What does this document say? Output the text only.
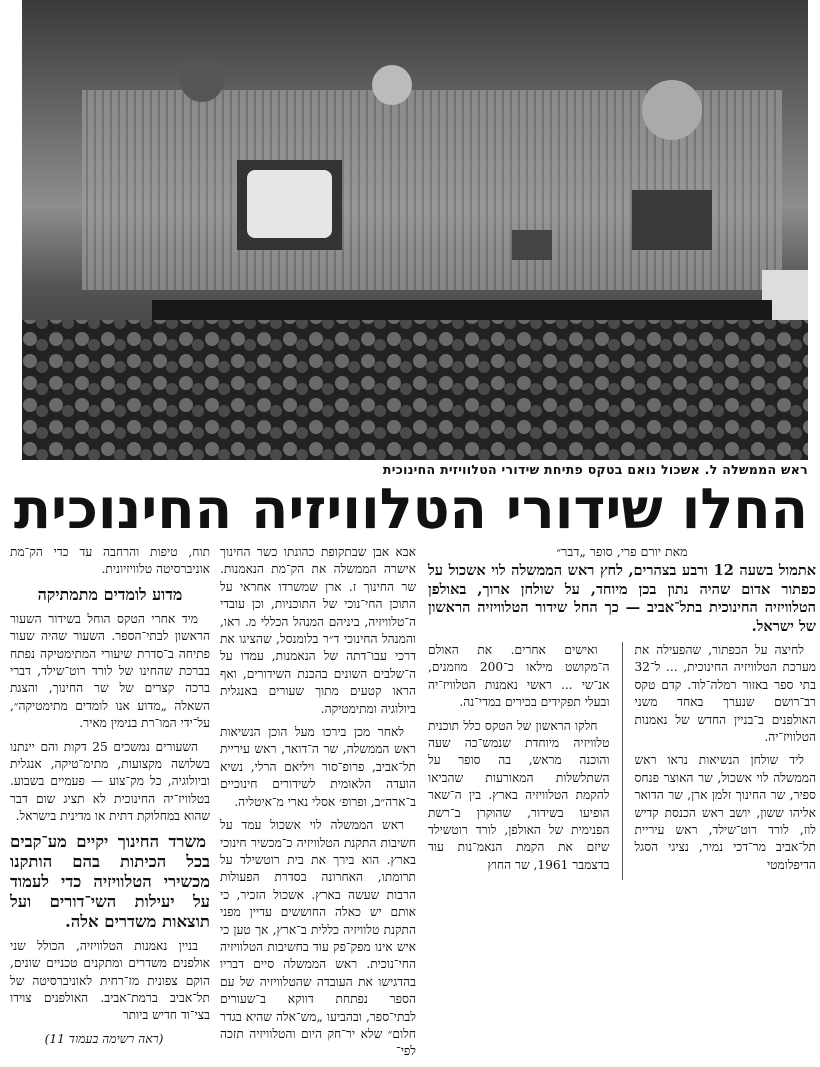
ראש הממשלה ל. אשכול נואם בטקס פתיחת שידורי הטלוויזית החינוכית
החלו שידורי הטלוויזיה החינוכית
מאת יורם פרי, סופר „דבר״
אתמול בשעה 12 ורבע בצהרים, לחץ ראש הממשלה לוי אשכול על כפתור אדום שהיה נתון בכן מיוחד, על שולחן ארוך, באולפן הטלוויזיה החינוכית בתל־אביב — כך החל שידור הטלוויזיה הראשון של ישראל.

לחיצה על הכפתור, שהפעילה את מערכת הטלוויזיה החינוכית, ... ל־32 בתי ספר באזור רמלה־לוד. קדם טקס רב־רושם שנערך באחד משני האולפנים ב־בניין החדש של נאמנות הטלוויז־יה.

ליד שולחן הנשיאות נראו ראש הממשלה לוי אשכול, שר האוצר פנחס ספיר, שר החינוך זלמן ארן, שר הדואר אליהו ששון, יושב ראש הכנסת קדיש לוז, לורד רוט־שילד, ראש עיריית תל־אביב מר־דכי נמיר, נציגי הסגל הדיפלומטי

ואישים אחרים. את האולם ה־מקושט מילאו כ־200 מוזמנים, אנ־שי ... ראשי נאמנות הטלוויז־יה ובעלי תפקידים בכירים במדי־נה.

חלקו הראשון של הטקס כלל תוכנית טלוויזיה מיוחדת שנמש־כה שעה והוכנה מראש, בה סופר על השתלשלות המאורעות שהביאו להקמת הטלוויזיה בארץ. בין ה־שאר הופיעו בשידור, שהוקרן ב־רשת הפנימית של האולפן, לורד רוטשילד שיזם את הקמת הנאמ־נות עוד בדצמבר 1961, שר החוץ

אבא אבן שבתקופת כהונתו כשר החינוך אישרה הממשלה את הק־מת הנאמנות. שר החינוך ז. ארן שמשרדו אחראי על התוכן החי־נוכי של התוכניות, וכן עובדי ה־טלוויזיה, ביניהם המנהל הכללי מ. ראו, והמנהל החינוכי ד״ר בלומנסל, שהציגו את דרכי עבו־דתה של הנאמנות, עמדו על ה־שלבים השונים בהכנת השידורים, ואף הראו קטעים מתוך שעורים באנגלית ביולוגיה ומתימטיקה.

לאחר מכן בירכו מעל הוכן הנשיאות ראש הממשלה, שר ה־דואר, ראש עיריית תל־אביב, פרופ־סור ויליאם הרלי, נשיא הועדה הלאומית לשידורים חינוכיים ב־ארה״ב, ופרופ׳ אסלי נארי מ־איטליה.

ראש הממשלה לוי אשכול עמד על חשיבות התקנת הטלוויזיה כ־מכשיר חינוכי בארץ. הוא בירך את בית רוטשילד על תרומתו, האחרונה בסדרת הפעולות הרבות שעשה בארץ. אשכול הזכיר, כי אותם יש כאלה החוששים עדיין מפני התקנת טלוויזיה כללית ב־ארץ, אך טען כי איש אינו מפק־פק עוד בחשיבות הטלוויזיה החי־נוכית. ראש הממשלה סיים דבריו בהדגישו את העובדה שהטלוויזיה של עם הספר נפתחת דווקא ב־שעורים לבתי־ספר, ובהביעו „מש־אלה שהיא בגדר חלום״ שלא יר־חק היום והטלוויזיה תזכה לפי־

תוח, טיפות והרחבה עד כדי הק־מת אוניברסיטה טלוויזיונית.

מדוע לומדים מתמתיקה

מיד אחרי הטקס הוחל בשידור השעור הראשון לבתי־הספר. השעור שהיה שעור פתיחה ב־סדרת שיעורי המתימטיקה נפתח בברכת שהחינו של לורד רוט־שילד, דברי ברכה קצרים של שר החינוך, והצגת השאלה „מדוע אנו לומדים מתימטיקה״, על־ידי המו־רת בנימין מאיר.

השעורים נמשכים 25 דקות והם יינתנו בשלושה מקצועות, מתימ־טיקה, אנגלית וביולוגיה, כל מק־צוע — פעמיים בשבוע. בטלוויז־יה החינוכית לא תציג שום דבר שהוא במחלוקת דתית או מדינית בישראל.

משרד החינוך יקיים מע־קבים בכל הכיתות בהם הותקנו מכשירי הטלוויזיה כדי לעמוד על יעילות השי־דורים ועל תוצאות משדרים אלה.

בניין נאמנות הטלוויזיה, הכולל שני אולפנים משדרים ומתקנים טכניים שונים, הוקם צפונית מז־רחית לאוניברסיטה של תל־אביב ברמת־אביב. האולפנים צוידו בצי־וד חדיש ביותר

(ראה רשימה בעמוד 11)
